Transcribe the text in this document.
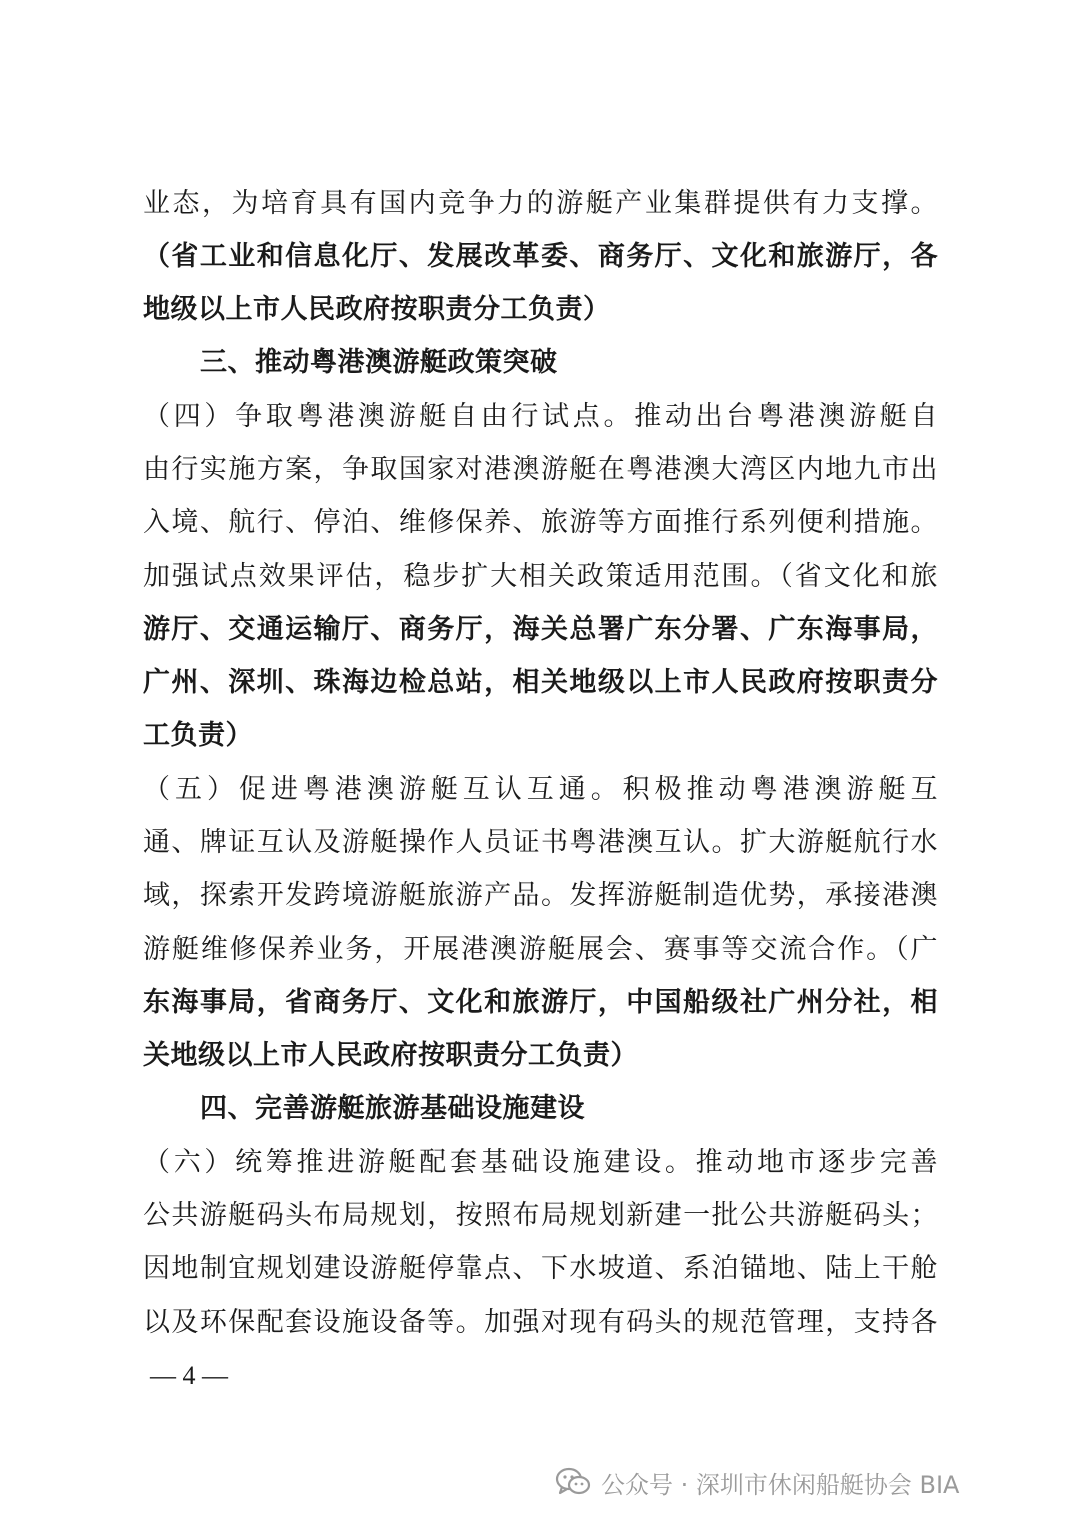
业态，为培育具有国内竞争力的游艇产业集群提供有力支撑。
（省工业和信息化厅、发展改革委、商务厅、文化和旅游厅，各
地级以上市人民政府按职责分工负责）
三、推动粤港澳游艇政策突破
（四）争取粤港澳游艇自由行试点。推动出台粤港澳游艇自
由行实施方案，争取国家对港澳游艇在粤港澳大湾区内地九市出
入境、航行、停泊、维修保养、旅游等方面推行系列便利措施。
加强试点效果评估，稳步扩大相关政策适用范围。（省文化和旅
游厅、交通运输厅、商务厅，海关总署广东分署、广东海事局，
广州、深圳、珠海边检总站，相关地级以上市人民政府按职责分
工负责）
（五）促进粤港澳游艇互认互通。积极推动粤港澳游艇互
通、牌证互认及游艇操作人员证书粤港澳互认。扩大游艇航行水
域，探索开发跨境游艇旅游产品。发挥游艇制造优势，承接港澳
游艇维修保养业务，开展港澳游艇展会、赛事等交流合作。（广
东海事局，省商务厅、文化和旅游厅，中国船级社广州分社，相
关地级以上市人民政府按职责分工负责）
四、完善游艇旅游基础设施建设
（六）统筹推进游艇配套基础设施建设。推动地市逐步完善
公共游艇码头布局规划，按照布局规划新建一批公共游艇码头；
因地制宜规划建设游艇停靠点、下水坡道、系泊锚地、陆上干舱
以及环保配套设施设备等。加强对现有码头的规范管理，支持各
— 4 —
公众号 · 深圳市休闲船艇协会 BIA
